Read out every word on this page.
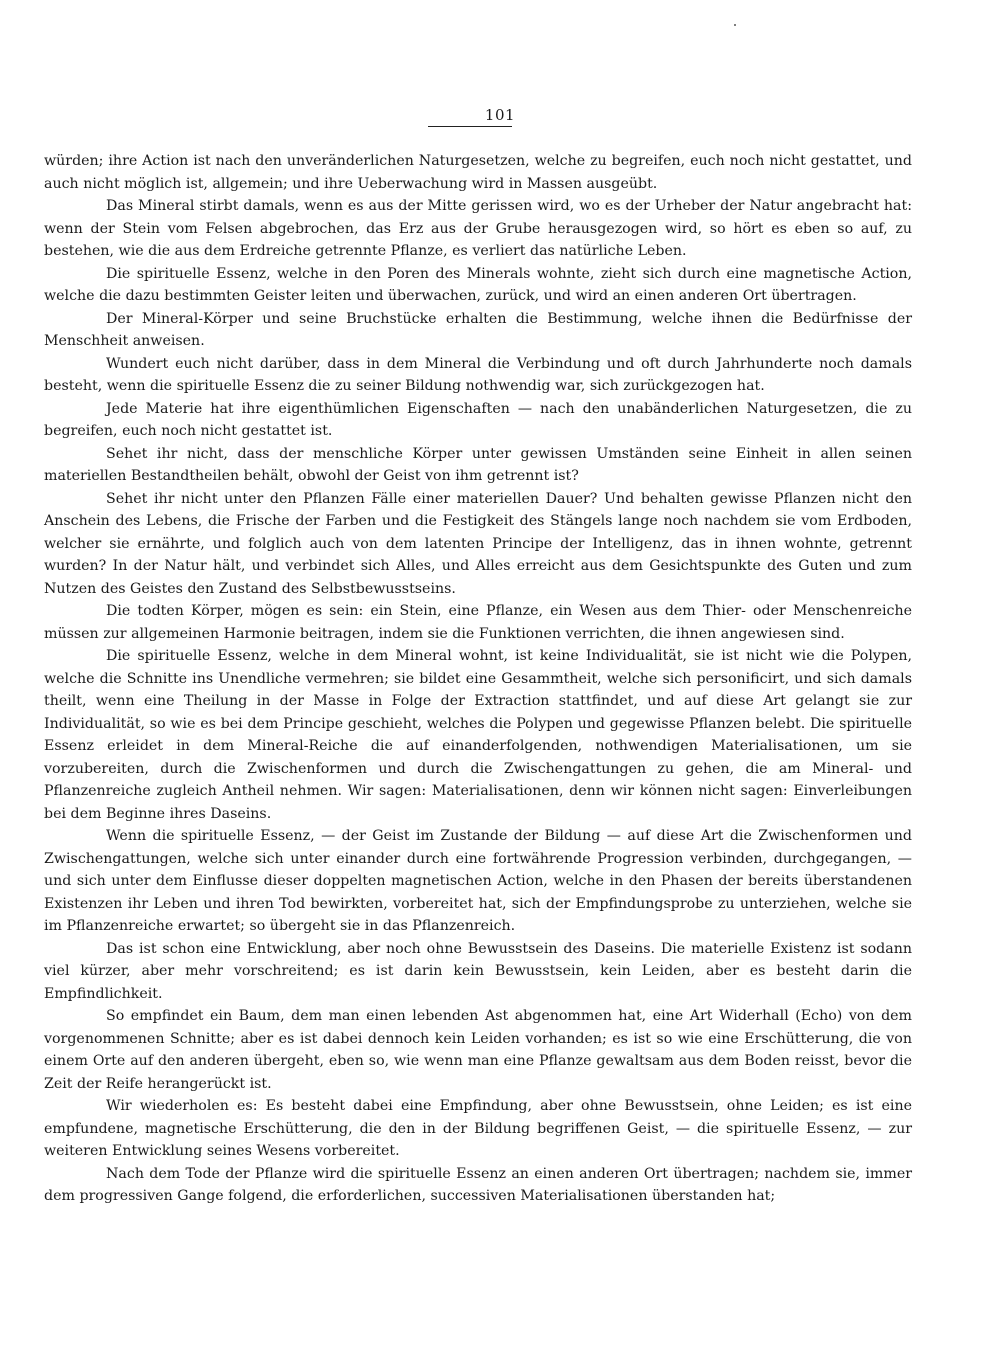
101

würden; ihre Action ist nach den unveränderlichen Naturgesetzen, welche zu begreifen, euch noch nicht gestattet, und auch nicht möglich ist, allgemein; und ihre Ueberwachung wird in Massen ausgeübt.

Das Mineral stirbt damals, wenn es aus der Mitte gerissen wird, wo es der Urheber der Natur angebracht hat: wenn der Stein vom Felsen abgebrochen, das Erz aus der Grube herausgezogen wird, so hört es eben so auf, zu bestehen, wie die aus dem Erdreiche getrennte Pflanze, es verliert das natürliche Leben.

Die spirituelle Essenz, welche in den Poren des Minerals wohnte, zieht sich durch eine magnetische Action, welche die dazu bestimmten Geister leiten und überwachen, zurück, und wird an einen anderen Ort übertragen.

Der Mineral-Körper und seine Bruchstücke erhalten die Bestimmung, welche ihnen die Bedürfnisse der Menschheit anweisen.

Wundert euch nicht darüber, dass in dem Mineral die Verbindung und oft durch Jahrhunderte noch damals besteht, wenn die spirituelle Essenz die zu seiner Bildung nothwendig war, sich zurückgezogen hat.

Jede Materie hat ihre eigenthümlichen Eigenschaften — nach den unabänderlichen Naturgesetzen, die zu begreifen, euch noch nicht gestattet ist.

Sehet ihr nicht, dass der menschliche Körper unter gewissen Umständen seine Einheit in allen seinen materiellen Bestandtheilen behält, obwohl der Geist von ihm getrennt ist?

Sehet ihr nicht unter den Pflanzen Fälle einer materiellen Dauer? Und behalten gewisse Pflanzen nicht den Anschein des Lebens, die Frische der Farben und die Festigkeit des Stängels lange noch nachdem sie vom Erdboden, welcher sie ernährte, und folglich auch von dem latenten Principe der Intelligenz, das in ihnen wohnte, getrennt wurden? In der Natur hält, und verbindet sich Alles, und Alles erreicht aus dem Gesichtspunkte des Guten und zum Nutzen des Geistes den Zustand des Selbstbewusstseins.

Die todten Körper, mögen es sein: ein Stein, eine Pflanze, ein Wesen aus dem Thier- oder Menschenreiche müssen zur allgemeinen Harmonie beitragen, indem sie die Funktionen verrichten, die ihnen angewiesen sind.

Die spirituelle Essenz, welche in dem Mineral wohnt, ist keine Individualität, sie ist nicht wie die Polypen, welche die Schnitte ins Unendliche vermehren; sie bildet eine Gesammtheit, welche sich personificirt, und sich damals theilt, wenn eine Theilung in der Masse in Folge der Extraction stattfindet, und auf diese Art gelangt sie zur Individualität, so wie es bei dem Principe geschieht, welches die Polypen und gegewisse Pflanzen belebt. Die spirituelle Essenz erleidet in dem Mineral-Reiche die auf einanderfolgenden, nothwendigen Materialisationen, um sie vorzubereiten, durch die Zwischenformen und durch die Zwischengattungen zu gehen, die am Mineral- und Pflanzenreiche zugleich Antheil nehmen. Wir sagen: Materialisationen, denn wir können nicht sagen: Einverleibungen bei dem Beginne ihres Daseins.

Wenn die spirituelle Essenz, — der Geist im Zustande der Bildung — auf diese Art die Zwischenformen und Zwischengattungen, welche sich unter einander durch eine fortwährende Progression verbinden, durchgegangen, — und sich unter dem Einflusse dieser doppelten magnetischen Action, welche in den Phasen der bereits überstandenen Existenzen ihr Leben und ihren Tod bewirkten, vorbereitet hat, sich der Empfindungsprobe zu unterziehen, welche sie im Pflanzenreiche erwartet; so übergeht sie in das Pflanzenreich.

Das ist schon eine Entwicklung, aber noch ohne Bewusstsein des Daseins. Die materielle Existenz ist sodann viel kürzer, aber mehr vorschreitend; es ist darin kein Bewusstsein, kein Leiden, aber es besteht darin die Empfindlichkeit.

So empfindet ein Baum, dem man einen lebenden Ast abgenommen hat, eine Art Widerhall (Echo) von dem vorgenommenen Schnitte; aber es ist dabei dennoch kein Leiden vorhanden; es ist so wie eine Erschütterung, die von einem Orte auf den anderen übergeht, eben so, wie wenn man eine Pflanze gewaltsam aus dem Boden reisst, bevor die Zeit der Reife herangerückt ist.

Wir wiederholen es: Es besteht dabei eine Empfindung, aber ohne Bewusstsein, ohne Leiden; es ist eine empfundene, magnetische Erschütterung, die den in der Bildung begriffenen Geist, — die spirituelle Essenz, — zur weiteren Entwicklung seines Wesens vorbereitet.

Nach dem Tode der Pflanze wird die spirituelle Essenz an einen anderen Ort übertragen; nachdem sie, immer dem progressiven Gange folgend, die erforderlichen, successiven Materialisationen überstanden hat;
